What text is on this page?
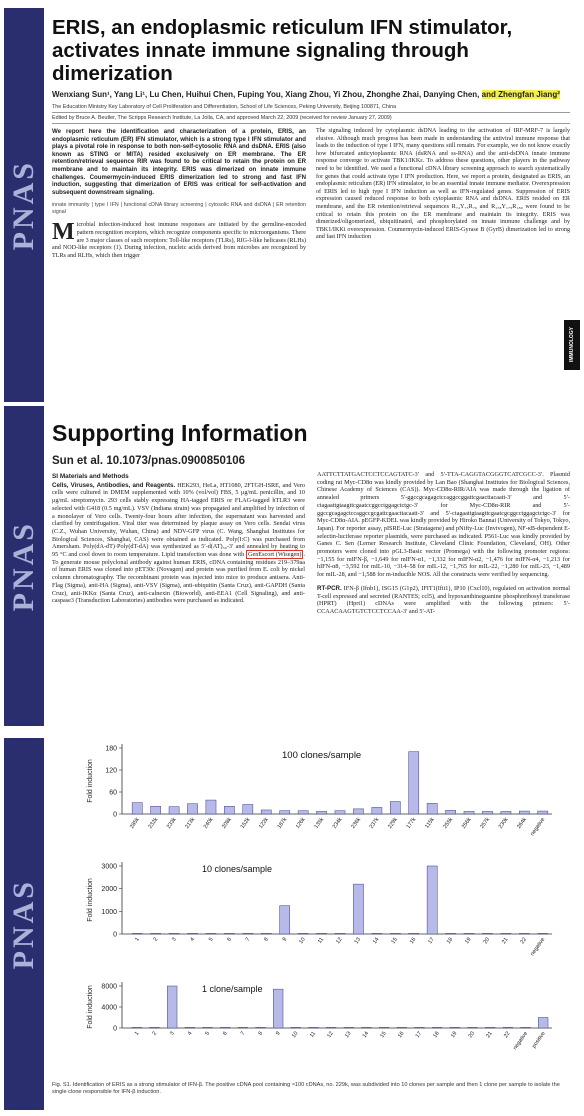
PNAS
ERIS, an endoplasmic reticulum IFN stimulator, activates innate immune signaling through dimerization
Wenxiang Sun¹, Yang Li¹, Lu Chen, Huihui Chen, Fuping You, Xiang Zhou, Yi Zhou, Zhonghe Zhai, Danying Chen, and Zhengfan Jiang²
The Education Ministry Key Laboratory of Cell Proliferation and Differentiation, School of Life Sciences, Peking University, Beijing 100871, China
Edited by Bruce A. Beutler, The Scripps Research Institute, La Jolla, CA, and approved March 22, 2009 (received for review January 27, 2009)
We report here the identification and characterization of a protein, ERIS, an endoplasmic reticulum (ER) IFN stimulator, which is a strong type I IFN stimulator and plays a pivotal role in response to both non-self-cytosolic RNA and dsDNA. ERIS (also known as STING or MITA) resided exclusively on ER membrane. The ER retention/retrieval sequence RIR was found to be critical to retain the protein on ER membrane and to maintain its integrity. ERIS was dimerized on innate immune challenges. Coumermycin-induced ERIS dimerization led to strong and fast IFN induction, suggesting that dimerization of ERIS was critical for self-activation and subsequent downstream signaling.
innate immunity | type I IFN | functional cDNA library screening | cytosolic RNA and dsDNA | ER retention signal
Microbial infection-induced host immune responses are initiated by the germline-encoded pattern recognition receptors, which recognize components specific to microorganisms. There are 3 major classes of such receptors: Toll-like receptors (TLRs), RIG-I-like helicases (RLHs) and NOD-like receptors (1). During infection, nucleic acids derived from microbes are recognized by TLRs and RLHs, which then trigger
The signaling induced by cytoplasmic dsDNA leading to the activation of IRF-MRF-7 is largely elusive. Although much progress has been made in understanding the antiviral immune response that leads to the induction of type I IFN, many questions still remain. For example, we do not know exactly how bifurcated anticytoplasmic RNA (dsRNA and ss-RNA) and the anti-dsDNA innate immune response converge to activate TBK1/IKKε. To address these questions, other players in the pathway need to be identified. We used a functional cDNA library screening approach to search systematically for genes that could activate type I IFN production. Here, we report a protein, designated as ERIS, an endoplasmic reticulum (ER) IFN stimulator, to be an essential innate immune mediator. Overexpression of ERIS led to high type I IFN induction as well as IFN-regulated genes. Suppression of ERIS expression caused reduced response to both cytoplasmic RNA and dsDNA. ERIS resided on ER membrane, and the ER retention/retrieval sequences R₇₄Y₇₅R₇₆ and R₁₇₈Y₁₇₉R₁₈₀ were found to be critical to retain this protein on the ER membrane and maintain its integrity. ERIS was dimerized/oligomerized, ubiquitinated, and phosphorylated on innate immune challenge and by TBK1/IKKi overexpression. Coumermycin-induced ERIS-Gyrase B (GyrB) dimerization led to strong and fast IFN induction
IMMUNOLOGY
PNAS
Supporting Information
Sun et al. 10.1073/pnas.0900850106
SI Materials and Methods
Cells, Viruses, Antibodies, and Reagents. HEK293, HeLa, HT1080, 2FTGH-ISRE, and Vero cells were cultured in DMEM supplemented with 10% (vol/vol) FBS, 5 μg/mL penicillin, and 10 μg/mL streptomycin. 293 cells stably expressing HA-tagged ERIS or FLAG-tagged hTLR3 were selected with G418 (0.5 mg/mL). VSV (Indiana strain) was propagated and amplified by infection of a monolayer of Vero cells. Twenty-four hours after infection, the supernatant was harvested and clarified by centrifugation. Viral titer was determined by plaque assay on Vero cells. Sendai virus (C.Z., Wuhan University, Wuhan, China) and NDV-GFP virus (C. Wang, Shanghai Institutes for Biological Sciences, Shanghai, CAS) were obtained as indicated. Poly(I:C) was purchased from Amersham. Poly(dA-dT)·Poly(dT-dA) was synthesized as 5′-d(AT)₃₀-3′ and annealed by heating to 95 °C and cool down to room temperature. Lipid transfection was done with GenEscort (Wisegen) . To generate mouse polyclonal antibody against human ERIS, cDNA containing residues 219–379aa of human ERIS was cloned into pET30c (Novagen) and protein was purified from E. coli by nickel column chromatography. The recombinant protein was injected into mice to produce antisera. Anti-Flag (Sigma), anti-HA (Sigma), anti-VSV (Sigma), anti-ubiquitin (Santa Cruz), anti-GAPDH (Santa Cruz), anti-IKKα (Santa Cruz), anti-calnexin (Bioworld), anti-EEA1 (Cell Signaling), and anti-caspase3 (Transduction Laboratories) antibodies were purchased as indicated.
AATTCTTATGACTCCTCCAGTATC-3′ and 5′-TTA-CAGGTACGGGTCATCGCC-3′. Plasmid coding rat Myc-CD8α was kindly provided by Lan Bao (Shanghai Institutes for Biological Sciences, Chinese Academy of Sciences (CAS)). Myc-CD8α-RIR/AIA was made through the ligation of annealed primers 5′-ggccgcagagctccaggccggattcgaacttacaatt-3′ and 5′-ctagaattgtaagttcgaatccggcctggagctctgc-3′ for Myc-CD8α-RIR and 5′-ggccgcagagctccaggccgcgattcgaacttacaatt-3′ and 5′-ctagaattgtaagttcgaatcgcggcctggagctctgc-3′ for Myc-CD8α-AIA. pEGFP-KDEL was kindly provided by Hiroko Bannai (University of Tokyo, Tokyo, Japan). For reporter assay, pISRE-Luc (Stratagene) and pNifty-Luc (Invivogen), NF-κB-dependent E-selectin-luciferase reporter plasmids, were purchased as indicated. P561-Luc was kindly provided by Ganes C. Sen (Lerner Research Institute, Cleveland Clinic Foundation, Cleveland, OH). Other promoters were cloned into pGL3-Basic vector (Promega) with the following promoter regions: −1,155 for mIFN-β, −1,649 for mIFN-α1, −1,332 for mIFN-α2, −1,476 for mIFN-α4, −1,213 for hIFN-α8, −3,592 for mIL-10, −314–58 for mIL-12, −1,765 for mIL-22, −1,280 for mIL-23, −1,489 for mIL-28, and −1,588 for m-inducible NOS. All the constructs were verified by sequencing.
RT-PCR. IFN-β (Ifnb1), ISG15 (G1p2), IFIT1(Ifit1), IP10 (Cxcl10), regulated on activation normal T-cell expressed and secreted (RANTES; ccl5), and hypoxanthineguanine phosphoribosyl transferase (HPRT) (Hprt1) cDNAs were amplified with the following primers: 5′-CCAACAAGTGTCTCCTCCAA-3′ and 5′-AT-
PNAS
0
60
120
180
Fold induction
100 clones/sample
285k 232k 233k 213k 240k 208k 152k 122k 187k 126k 135k 234k 236k 237k 229k 177k 115k 255k 256k 257k 230k 264k negative
0
1000
2000
3000
Fold induction
10 clones/sample
1 2 3 4 5 6 7 8 9 10 11 12 13 14 15 16 17 18 19 20 21 22 negative
0
4000
8000
Fold induction	1 clone/sample
1 2 3 4 5 6 7 8 9 10 11 12 13 14 15 16 17 18 19 20 21 22 negative positive
Fig. S1. Identification of ERIS as a strong stimulator of IFN-β. The positive cDNA pool containing ≈100 cDNAs, no. 229k, was subdivided into 10 clones per sample and then 1 clone per sample to isolate the single clone responsible for IFN-β induction.
